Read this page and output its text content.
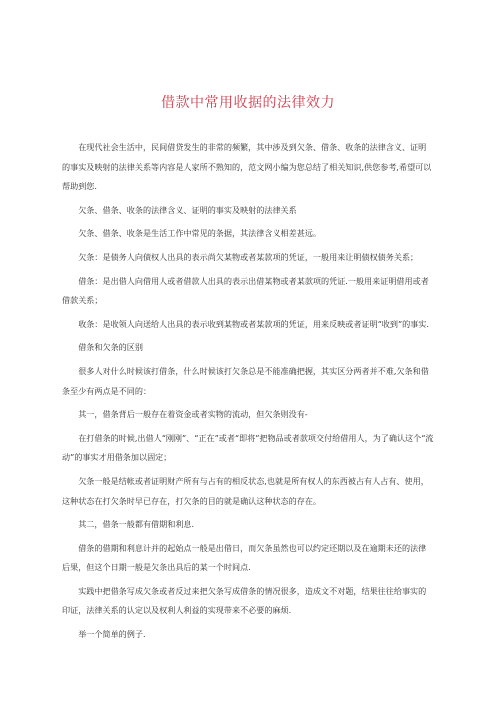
借款中常用收据的法律效力

在现代社会生活中，民间借贷发生的非常的频繁，其中涉及到欠条、借条、收条的法律含义、证明的事实及映射的法律关系等内容是人家所不熟知的，范文网小编为您总结了相关知识,供您参考,希望可以帮助到您.

欠条、借条、收条的法律含义、证明的事实及映射的法律关系

欠条、借条、收条是生活工作中常见的条据，其法律含义相差甚远。

欠条：是债务人向债权人出具的表示尚欠某物或者某款项的凭证，一般用来让明债权债务关系；

借条：是出借人向借用人或者借款人出具的表示出借某物或者某款项的凭证.一般用来证明借用或者借款关系；

收条：是收领人向送给人出具的表示收到某物或者某款项的凭证，用来反映或者证明“收到”的事实.

借条和欠条的区别

很多人对什么时候该打借条，什么时候该打欠条总是不能准确把握，其实区分两者并不难,欠条和借条至少有两点是不同的：

其一，借条背后一般存在着资金或者实物的流动，但欠条则没有-

在打借条的时候,出借人“刚刚”、“正在”或者“即将”把物品或者款项交付给借用人，为了确认这个“流动”的事实才用借条加以固定；

欠条一般是结帐或者证明财产所有与占有的相反状态,也就是所有权人的东西被占有人占有、使用，这种状态在打欠条时早已存在，打欠条的目的就是确认这种状态的存在。

其二，借条一般都有借期和利息.

借条的借期和利息计并的起始点一般是出借日，而欠条虽然也可以约定还期以及在逾期未还的法律后果，但这个日期一般是欠条出具后的某一个时间点.

实践中把借条写成欠条或者反过来把欠条写成借条的情况很多，造成文不对题，结果往往给事实的印证，法律关系的认定以及权利人利益的实现带来不必要的麻烦.

举一个简单的例子.
